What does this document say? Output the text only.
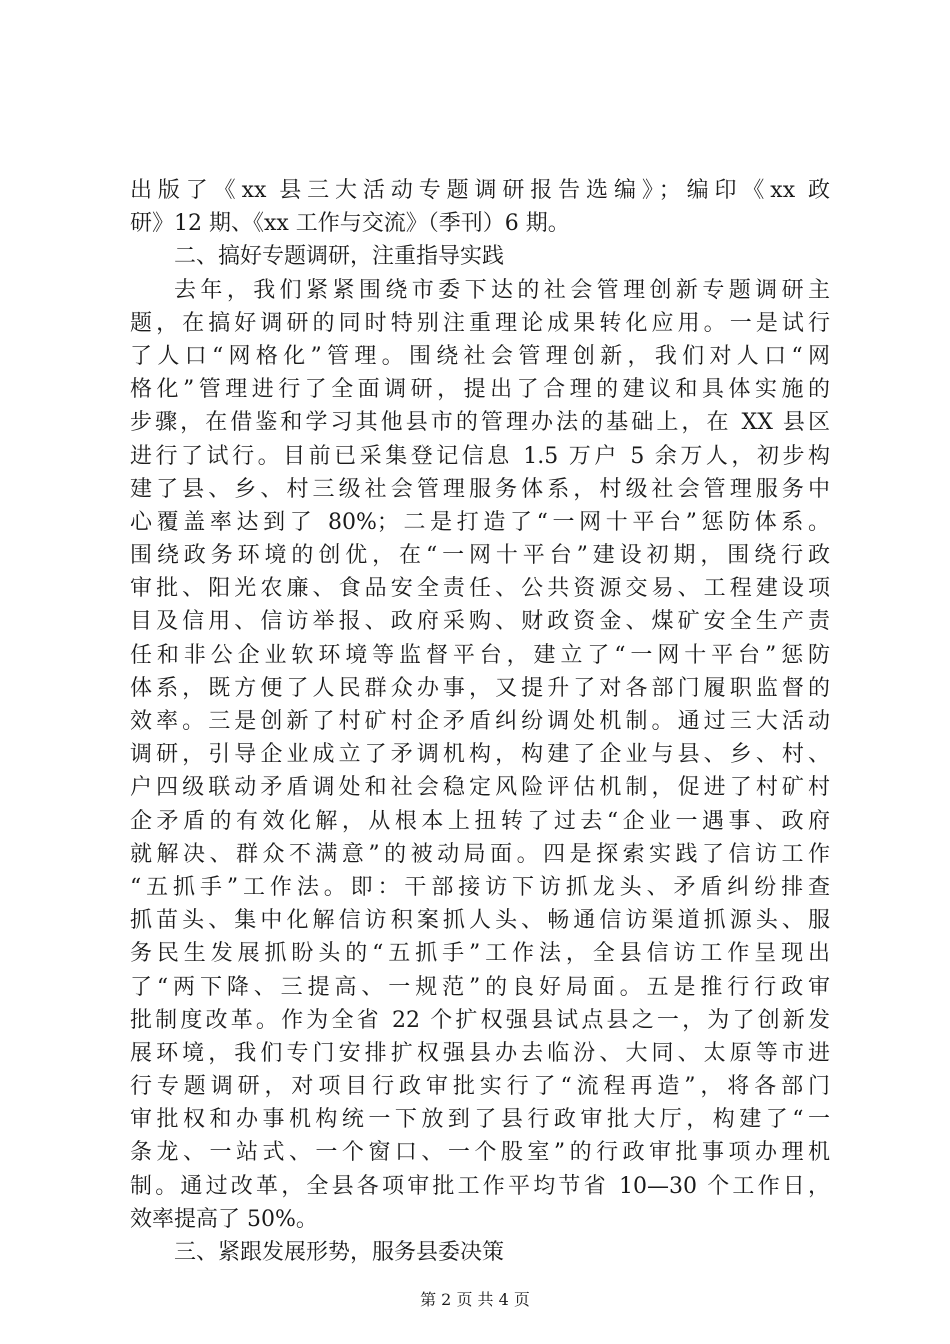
出版了《xx 县三大活动专题调研报告选编》；编印《xx 政
研》12 期、《xx 工作与交流》（季刊）6 期。
二、搞好专题调研，注重指导实践
去年，我们紧紧围绕市委下达的社会管理创新专题调研主
题，在搞好调研的同时特别注重理论成果转化应用。一是试行
了人口“网格化”管理。围绕社会管理创新，我们对人口“网
格化”管理进行了全面调研，提出了合理的建议和具体实施的
步骤，在借鉴和学习其他县市的管理办法的基础上，在 XX 县区
进行了试行。目前已采集登记信息 1.5 万户 5 余万人，初步构
建了县、乡、村三级社会管理服务体系，村级社会管理服务中
心覆盖率达到了 80%；二是打造了“一网十平台”惩防体系。
围绕政务环境的创优，在“一网十平台”建设初期，围绕行政
审批、阳光农廉、食品安全责任、公共资源交易、工程建设项
目及信用、信访举报、政府采购、财政资金、煤矿安全生产责
任和非公企业软环境等监督平台，建立了“一网十平台”惩防
体系，既方便了人民群众办事，又提升了对各部门履职监督的
效率。三是创新了村矿村企矛盾纠纷调处机制。通过三大活动
调研，引导企业成立了矛调机构，构建了企业与县、乡、村、
户四级联动矛盾调处和社会稳定风险评估机制，促进了村矿村
企矛盾的有效化解，从根本上扭转了过去“企业一遇事、政府
就解决、群众不满意”的被动局面。四是探索实践了信访工作
“五抓手”工作法。即：干部接访下访抓龙头、矛盾纠纷排查
抓苗头、集中化解信访积案抓人头、畅通信访渠道抓源头、服
务民生发展抓盼头的“五抓手”工作法，全县信访工作呈现出
了“两下降、三提高、一规范”的良好局面。五是推行行政审
批制度改革。作为全省 22 个扩权强县试点县之一，为了创新发
展环境，我们专门安排扩权强县办去临汾、大同、太原等市进
行专题调研，对项目行政审批实行了“流程再造”，将各部门
审批权和办事机构统一下放到了县行政审批大厅，构建了“一
条龙、一站式、一个窗口、一个股室”的行政审批事项办理机
制。通过改革，全县各项审批工作平均节省 10—30 个工作日，
效率提高了 50%。
三、紧跟发展形势，服务县委决策
第 2 页 共 4 页
